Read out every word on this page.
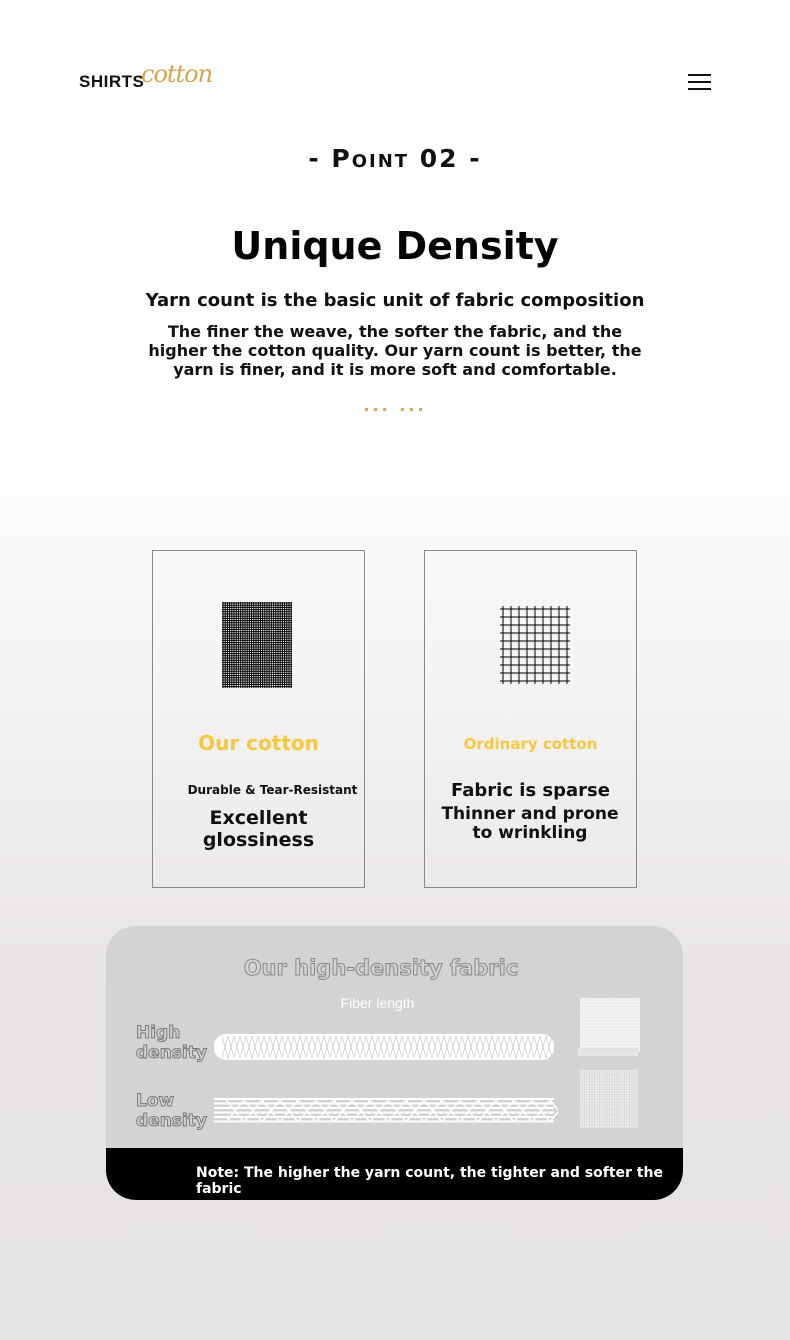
SHIRTS
cotton
- Point 02 -
Unique Density
Yarn count is the basic unit of fabric composition
The finer the weave, the softer the fabric, and the higher the cotton quality. Our yarn count is better, the yarn is finer, and it is more soft and comfortable.
... ...
Our cotton
Durable & Tear-Resistant
Excellent glossiness
Ordinary cotton
Fabric is sparse
Thinner and prone to wrinkling
Our high-density fabric
Fiber length
High density
Low density
Note: The higher the yarn count, the tighter and softer the fabric
